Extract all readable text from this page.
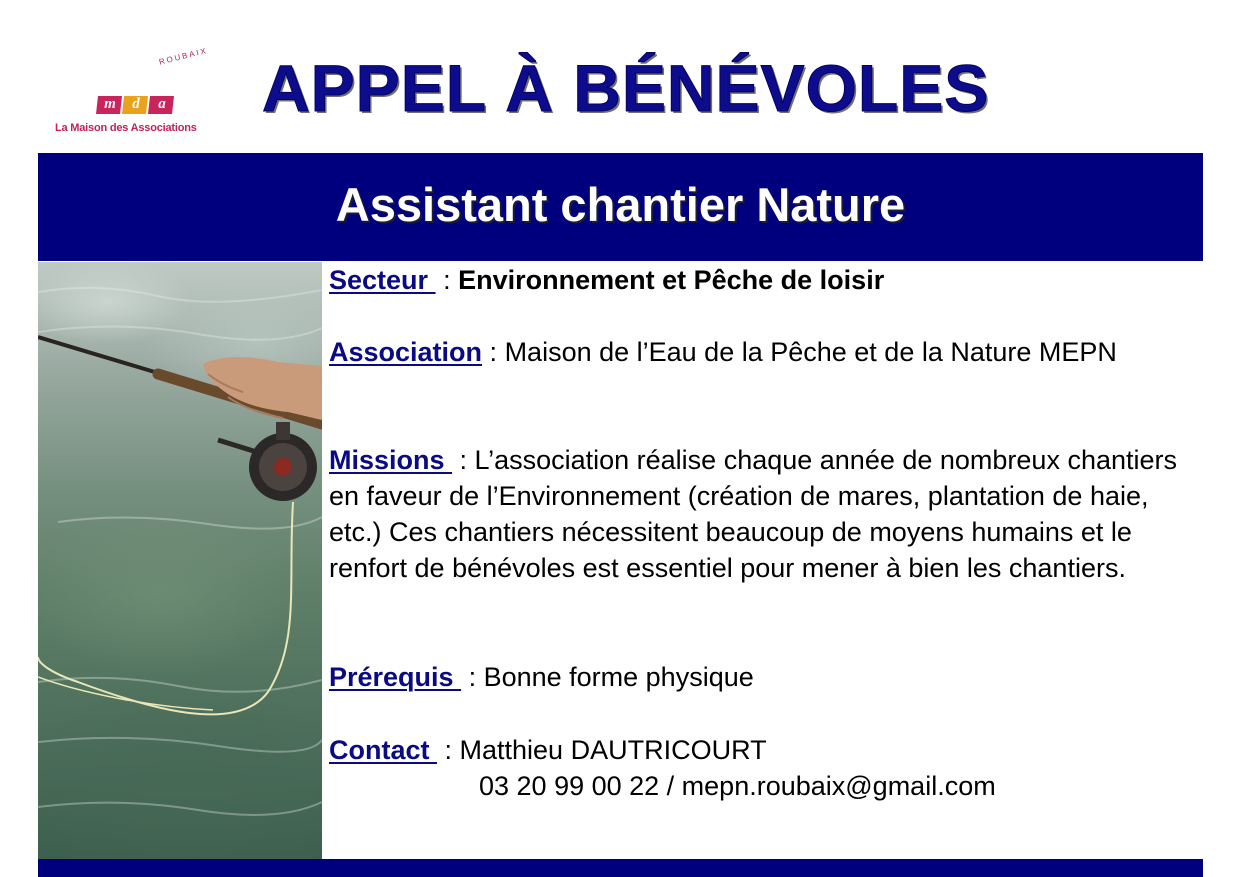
ROUBAIX
m	d	a
La Maison des Associations
APPEL À BÉNÉVOLES
Assistant chantier Nature
Secteur  : Environnement et Pêche de loisir
Association : Maison de l’Eau de la Pêche et de la Nature MEPN
Missions  : L’association réalise chaque année de nombreux chantiers en faveur de l’Environnement (création de mares, plantation de haie, etc.) Ces chantiers nécessitent beaucoup de moyens humains et le renfort de bénévoles est essentiel pour mener à bien les chantiers.
Prérequis  : Bonne forme physique
Contact  : Matthieu DAUTRICOURT
03 20 99 00 22 / mepn.roubaix@gmail.com
